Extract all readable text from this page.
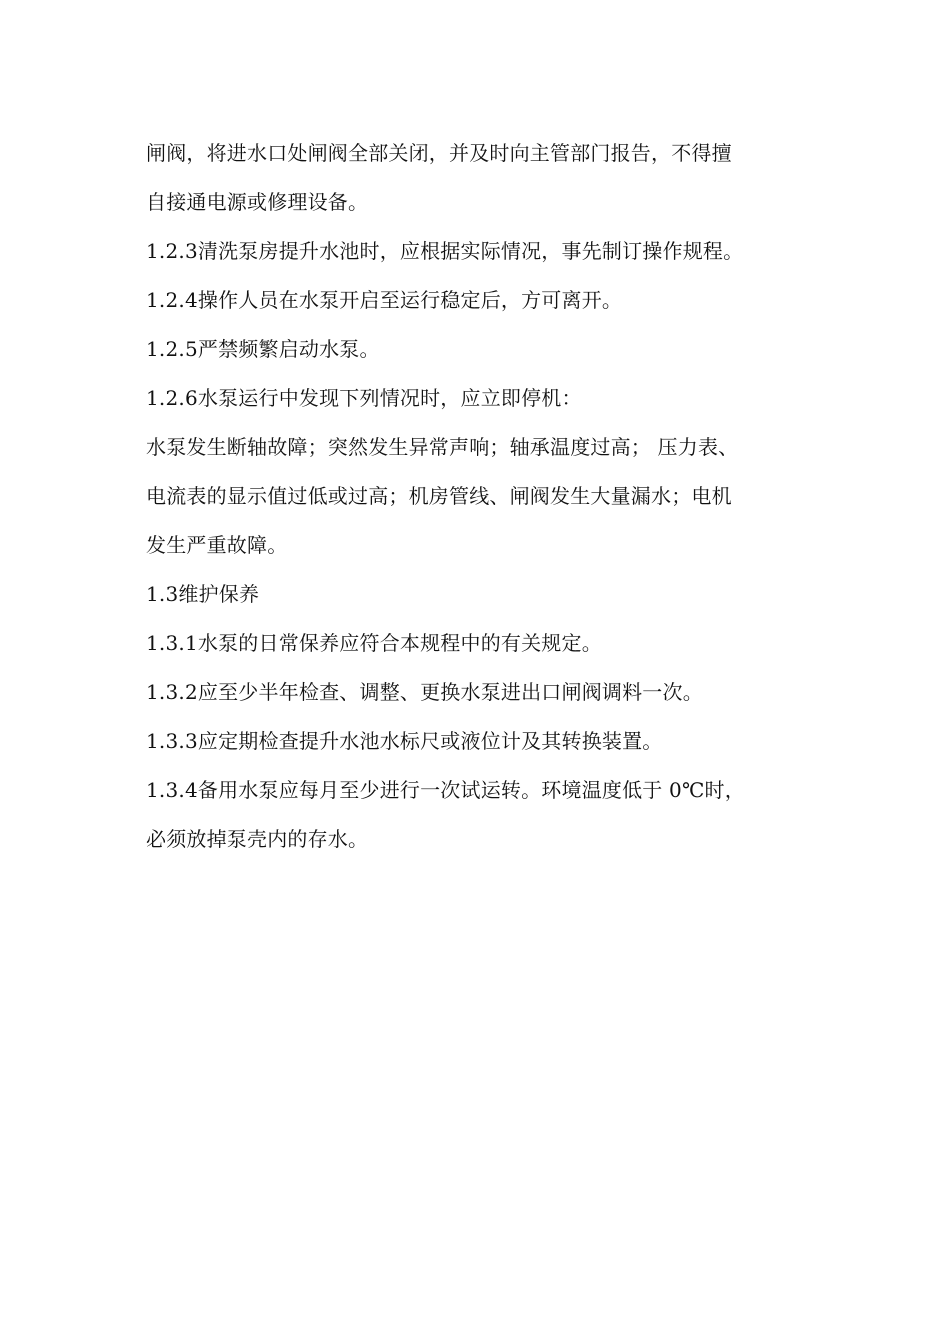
闸阀，将进水口处闸阀全部关闭，并及时向主管部门报告，不得擅
自接通电源或修理设备。
1.2.3清洗泵房提升水池时，应根据实际情况，事先制订操作规程。
1.2.4操作人员在水泵开启至运行稳定后，方可离开。
1.2.5严禁频繁启动水泵。
1.2.6水泵运行中发现下列情况时，应立即停机：
水泵发生断轴故障；突然发生异常声响；轴承温度过高； 压力表、
电流表的显示值过低或过高；机房管线、闸阀发生大量漏水；电机
发生严重故障。
1.3维护保养
1.3.1水泵的日常保养应符合本规程中的有关规定。
1.3.2应至少半年检查、调整、更换水泵进出口闸阀调料一次。
1.3.3应定期检查提升水池水标尺或液位计及其转换装置。
1.3.4备用水泵应每月至少进行一次试运转。环境温度低于 0℃时，
必须放掉泵壳内的存水。
